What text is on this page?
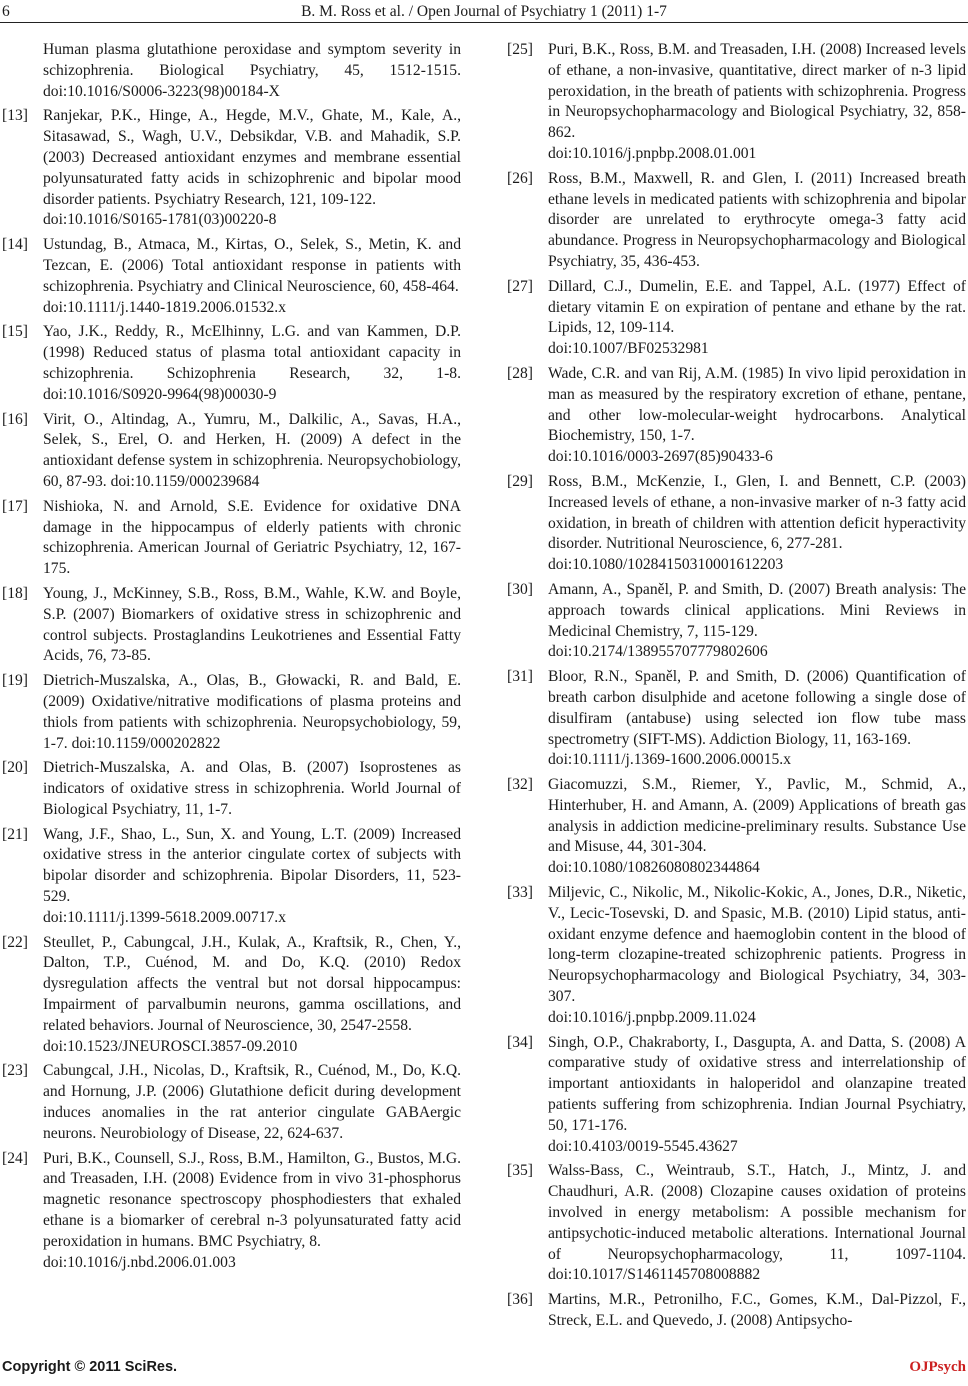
6	B. M. Ross et al. / Open Journal of Psychiatry 1 (2011) 1-7
Human plasma glutathione peroxidase and symptom severity in schizophrenia. Biological Psychiatry, 45, 1512-1515. doi:10.1016/S0006-3223(98)00184-X
[13] Ranjekar, P.K., Hinge, A., Hegde, M.V., Ghate, M., Kale, A., Sitasawad, S., Wagh, U.V., Debsikdar, V.B. and Mahadik, S.P. (2003) Decreased antioxidant enzymes and membrane essential polyunsaturated fatty acids in schizophrenic and bipolar mood disorder patients. Psychiatry Research, 121, 109-122.
doi:10.1016/S0165-1781(03)00220-8
[14] Ustundag, B., Atmaca, M., Kirtas, O., Selek, S., Metin, K. and Tezcan, E. (2006) Total antioxidant response in patients with schizophrenia. Psychiatry and Clinical Neuroscience, 60, 458-464.
doi:10.1111/j.1440-1819.2006.01532.x
[15] Yao, J.K., Reddy, R., McElhinny, L.G. and van Kammen, D.P. (1998) Reduced status of plasma total antioxidant capacity in schizophrenia. Schizophrenia Research, 32, 1-8. doi:10.1016/S0920-9964(98)00030-9
[16] Virit, O., Altindag, A., Yumru, M., Dalkilic, A., Savas, H.A., Selek, S., Erel, O. and Herken, H. (2009) A defect in the antioxidant defense system in schizophrenia. Neuropsychobiology, 60, 87-93. doi:10.1159/000239684
[17] Nishioka, N. and Arnold, S.E. Evidence for oxidative DNA damage in the hippocampus of elderly patients with chronic schizophrenia. American Journal of Geriatric Psychiatry, 12, 167-175.
[18] Young, J., McKinney, S.B., Ross, B.M., Wahle, K.W. and Boyle, S.P. (2007) Biomarkers of oxidative stress in schizophrenic and control subjects. Prostaglandins Leukotrienes and Essential Fatty Acids, 76, 73-85.
[19] Dietrich-Muszalska, A., Olas, B., Głowacki, R. and Bald, E. (2009) Oxidative/nitrative modifications of plasma proteins and thiols from patients with schizophrenia. Neuropsychobiology, 59, 1-7. doi:10.1159/000202822
[20] Dietrich-Muszalska, A. and Olas, B. (2007) Isoprostenes as indicators of oxidative stress in schizophrenia. World Journal of Biological Psychiatry, 11, 1-7.
[21] Wang, J.F., Shao, L., Sun, X. and Young, L.T. (2009) Increased oxidative stress in the anterior cingulate cortex of subjects with bipolar disorder and schizophrenia. Bipolar Disorders, 11, 523-529.
doi:10.1111/j.1399-5618.2009.00717.x
[22] Steullet, P., Cabungcal, J.H., Kulak, A., Kraftsik, R., Chen, Y., Dalton, T.P., Cuénod, M. and Do, K.Q. (2010) Redox dysregulation affects the ventral but not dorsal hippocampus: Impairment of parvalbumin neurons, gamma oscillations, and related behaviors. Journal of Neuroscience, 30, 2547-2558.
doi:10.1523/JNEUROSCI.3857-09.2010
[23] Cabungcal, J.H., Nicolas, D., Kraftsik, R., Cuénod, M., Do, K.Q. and Hornung, J.P. (2006) Glutathione deficit during development induces anomalies in the rat anterior cingulate GABAergic neurons. Neurobiology of Disease, 22, 624-637.
[24] Puri, B.K., Counsell, S.J., Ross, B.M., Hamilton, G., Bustos, M.G. and Treasaden, I.H. (2008) Evidence from in vivo 31-phosphorus magnetic resonance spectroscopy phosphodiesters that exhaled ethane is a biomarker of cerebral n-3 polyunsaturated fatty acid peroxidation in humans. BMC Psychiatry, 8.
doi:10.1016/j.nbd.2006.01.003
[25] Puri, B.K., Ross, B.M. and Treasaden, I.H. (2008) Increased levels of ethane, a non-invasive, quantitative, direct marker of n-3 lipid peroxidation, in the breath of patients with schizophrenia. Progress in Neuropsychopharmacology and Biological Psychiatry, 32, 858-862.
doi:10.1016/j.pnpbp.2008.01.001
[26] Ross, B.M., Maxwell, R. and Glen, I. (2011) Increased breath ethane levels in medicated patients with schizophrenia and bipolar disorder are unrelated to erythrocyte omega-3 fatty acid abundance. Progress in Neuropsychopharmacology and Biological Psychiatry, 35, 436-453.
[27] Dillard, C.J., Dumelin, E.E. and Tappel, A.L. (1977) Effect of dietary vitamin E on expiration of pentane and ethane by the rat. Lipids, 12, 109-114.
doi:10.1007/BF02532981
[28] Wade, C.R. and van Rij, A.M. (1985) In vivo lipid peroxidation in man as measured by the respiratory excretion of ethane, pentane, and other low-molecular-weight hydrocarbons. Analytical Biochemistry, 150, 1-7.
doi:10.1016/0003-2697(85)90433-6
[29] Ross, B.M., McKenzie, I., Glen, I. and Bennett, C.P. (2003) Increased levels of ethane, a non-invasive marker of n-3 fatty acid oxidation, in breath of children with attention deficit hyperactivity disorder. Nutritional Neuroscience, 6, 277-281.
doi:10.1080/1028415031000161220​3
[30] Amann, A., Spaněl, P. and Smith, D. (2007) Breath analysis: The approach towards clinical applications. Mini Reviews in Medicinal Chemistry, 7, 115-129.
doi:10.2174/138955707779802606
[31] Bloor, R.N., Spaněl, P. and Smith, D. (2006) Quantification of breath carbon disulphide and acetone following a single dose of disulfiram (antabuse) using selected ion flow tube mass spectrometry (SIFT-MS). Addiction Biology, 11, 163-169.
doi:10.1111/j.1369-1600.2006.00015.x
[32] Giacomuzzi, S.M., Riemer, Y., Pavlic, M., Schmid, A., Hinterhuber, H. and Amann, A. (2009) Applications of breath gas analysis in addiction medicine-preliminary results. Substance Use and Misuse, 44, 301-304.
doi:10.1080/10826080802344864
[33] Miljevic, C., Nikolic, M., Nikolic-Kokic, A., Jones, D.R., Niketic, V., Lecic-Tosevski, D. and Spasic, M.B. (2010) Lipid status, anti-oxidant enzyme defence and haemoglobin content in the blood of long-term clozapine-treated schizophrenic patients. Progress in Neuropsychopharmacology and Biological Psychiatry, 34, 303-307.
doi:10.1016/j.pnpbp.2009.11.024
[34] Singh, O.P., Chakraborty, I., Dasgupta, A. and Datta, S. (2008) A comparative study of oxidative stress and interrelationship of important antioxidants in haloperidol and olanzapine treated patients suffering from schizophrenia. Indian Journal Psychiatry, 50, 171-176.
doi:10.4103/0019-5545.43627
[35] Walss-Bass, C., Weintraub, S.T., Hatch, J., Mintz, J. and Chaudhuri, A.R. (2008) Clozapine causes oxidation of proteins involved in energy metabolism: A possible mechanism for antipsychotic-induced metabolic alterations. International Journal of Neuropsychopharmacology, 11, 1097-1104. doi:10.1017/S1461145708008882
[36] Martins, M.R., Petronilho, F.C., Gomes, K.M., Dal-Pizzol, F., Streck, E.L. and Quevedo, J. (2008) Antipsycho-
Copyright © 2011 SciRes.	OJPsych
